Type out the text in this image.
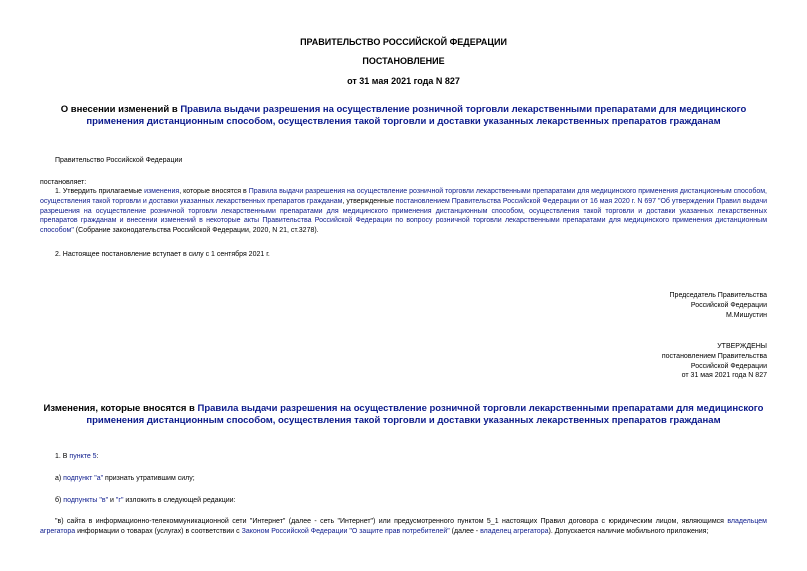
ПРАВИТЕЛЬСТВО РОССИЙСКОЙ ФЕДЕРАЦИИ
ПОСТАНОВЛЕНИЕ
от 31 мая 2021 года N 827
О внесении изменений в Правила выдачи разрешения на осуществление розничной торговли лекарственными препаратами для медицинского применения дистанционным способом, осуществления такой торговли и доставки указанных лекарственных препаратов гражданам
Правительство Российской Федерации
постановляет:
1. Утвердить прилагаемые изменения, которые вносятся в Правила выдачи разрешения на осуществление розничной торговли лекарственными препаратами для медицинского применения дистанционным способом, осуществления такой торговли и доставки указанных лекарственных препаратов гражданам, утвержденные постановлением Правительства Российской Федерации от 16 мая 2020 г. N 697 "Об утверждении Правил выдачи разрешения на осуществление розничной торговли лекарственными препаратами для медицинского применения дистанционным способом, осуществления такой торговли и доставки указанных лекарственных препаратов гражданам и внесении изменений в некоторые акты Правительства Российской Федерации по вопросу розничной торговли лекарственными препаратами для медицинского применения дистанционным способом" (Собрание законодательства Российской Федерации, 2020, N 21, ст.3278).
2. Настоящее постановление вступает в силу с 1 сентября 2021 г.
Председатель Правительства
Российской Федерации
М.Мишустин
УТВЕРЖДЕНЫ
постановлением Правительства
Российской Федерации
от 31 мая 2021 года N 827
Изменения, которые вносятся в Правила выдачи разрешения на осуществление розничной торговли лекарственными препаратами для медицинского применения дистанционным способом, осуществления такой торговли и доставки указанных лекарственных препаратов гражданам
1. В пункте 5:
а) подпункт "а" признать утратившим силу;
б) подпункты "в" и "г" изложить в следующей редакции:
"в) сайта в информационно-телекоммуникационной сети "Интернет" (далее - сеть "Интернет") или предусмотренного пунктом 5_1 настоящих Правил договора с юридическим лицом, являющимся владельцем агрегатора информации о товарах (услугах) в соответствии с Законом Российской Федерации "О защите прав потребителей" (далее - владелец агрегатора). Допускается наличие мобильного приложения;
